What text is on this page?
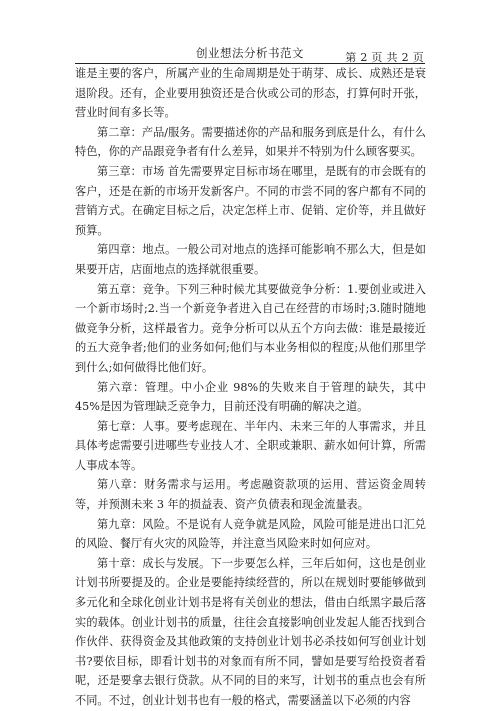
创业想法分析书范文	第 2 页 共 2 页

谁是主要的客户，所属产业的生命周期是处于萌芽、成长、成熟还是衰退阶段。还有，企业要用独资还是合伙或公司的形态，打算何时开张，营业时间有多长等。

第二章：产品/服务。需要描述你的产品和服务到底是什么，有什么特色，你的产品跟竞争者有什么差异，如果并不特别为什么顾客要买。

第三章：市场 首先需要界定目标市场在哪里，是既有的市会既有的客户，还是在新的市场开发新客户。不同的市尝不同的客户都有不同的营销方式。在确定目标之后，决定怎样上市、促销、定价等，并且做好预算。

第四章：地点。一般公司对地点的选择可能影响不那么大，但是如果要开店，店面地点的选择就很重要。

第五章：竞争。下列三种时候尤其要做竞争分析：1.要创业或进入一个新市场时;2.当一个新竞争者进入自己在经营的市场时;3.随时随地做竞争分析，这样最省力。竞争分析可以从五个方向去做：谁是最接近的五大竞争者;他们的业务如何;他们与本业务相似的程度;从他们那里学到什么;如何做得比他们好。

第六章：管理。中小企业 98%的失败来自于管理的缺失，其中 45%是因为管理缺乏竞争力，目前还没有明确的解决之道。

第七章：人事。要考虑现在、半年内、未来三年的人事需求，并且具体考虑需要引进哪些专业技人才、全职或兼职、薪水如何计算，所需人事成本等。

第八章：财务需求与运用。考虑融资款项的运用、营运资金周转等，并预测未来 3 年的损益表、资产负债表和现金流量表。

第九章：风险。不是说有人竞争就是风险，风险可能是进出口汇兑的风险、餐厅有火灾的风险等，并注意当风险来时如何应对。

第十章：成长与发展。下一步要怎么样，三年后如何，这也是创业计划书所要提及的。企业是要能持续经营的，所以在规划时要能够做到多元化和全球化创业计划书是将有关创业的想法，借由白纸黑字最后落实的载体。创业计划书的质量，往往会直接影响创业发起人能否找到合作伙伴、获得资金及其他政策的支持创业计划书必杀技如何写创业计划书?要依目标，即看计划书的对象而有所不同，譬如是要写给投资者看呢，还是要拿去银行贷款。从不同的目的来写，计划书的重点也会有所不同。不过，创业计划书也有一般的格式，需要涵盖以下必须的内容
